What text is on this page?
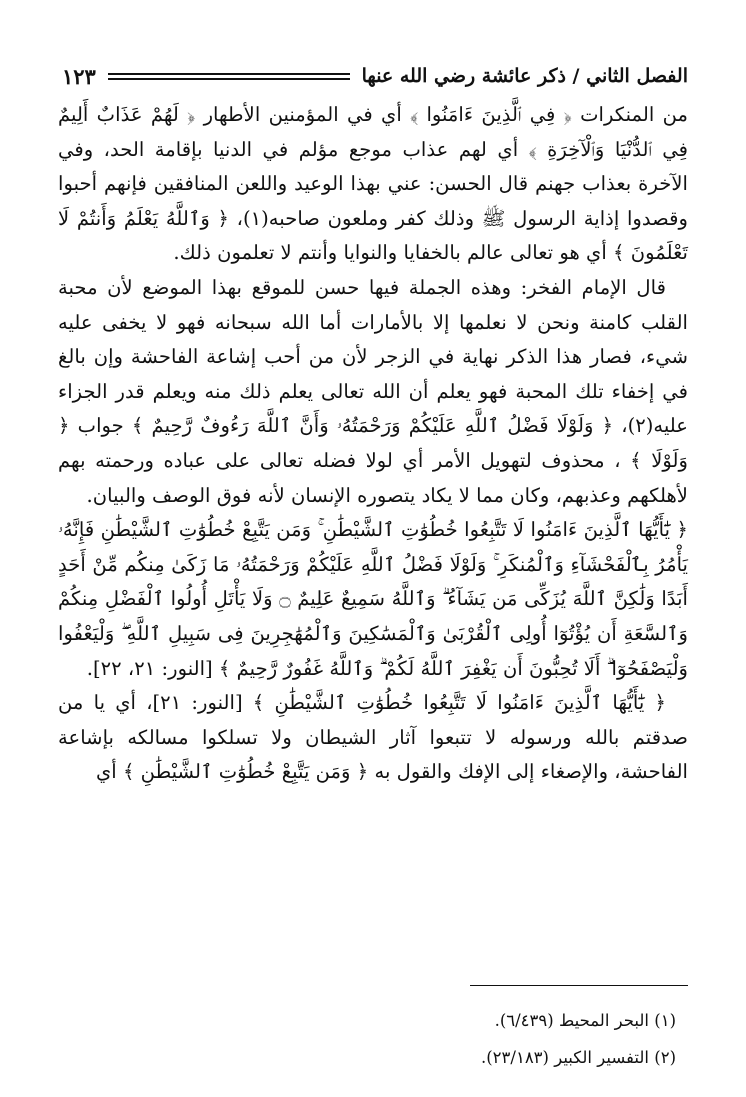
الفصل الثاني / ذكر عائشة رضي الله عنها
١٢٣

من المنكرات ﴿ فِي ٱلَّذِينَ ءَامَنُوا ﴾ أي في المؤمنين الأطهار ﴿ لَهُمْ عَذَابٌ أَلِيمٌ فِي ٱلدُّنْيَا وَٱلْآخِرَةِ ﴾ أي لهم عذاب موجع مؤلم في الدنيا بإقامة الحد، وفي الآخرة بعذاب جهنم قال الحسن: عني بهذا الوعيد واللعن المنافقين فإنهم أحبوا وقصدوا إذاية الرسول ﷺ وذلك كفر وملعون صاحبه(١)، ﴿ وَٱللَّهُ يَعْلَمُ وَأَنتُمْ لَا تَعْلَمُونَ ﴾ أي هو تعالى عالم بالخفايا والنوايا وأنتم لا تعلمون ذلك.

قال الإمام الفخر: وهذه الجملة فيها حسن للموقع بهذا الموضع لأن محبة القلب كامنة ونحن لا نعلمها إلا بالأمارات أما الله سبحانه فهو لا يخفى عليه شيء، فصار هذا الذكر نهاية في الزجر لأن من أحب إشاعة الفاحشة وإن بالغ في إخفاء تلك المحبة فهو يعلم أن الله تعالى يعلم ذلك منه ويعلم قدر الجزاء عليه(٢)، ﴿ وَلَوْلَا فَضْلُ ٱللَّهِ عَلَيْكُمْ وَرَحْمَتُهُۥ وَأَنَّ ٱللَّهَ رَءُوفٌ رَّحِيمٌ ﴾ جواب ﴿ وَلَوْلَا ﴾ ، محذوف لتهويل الأمر أي لولا فضله تعالى على عباده ورحمته بهم لأهلكهم وعذبهم، وكان مما لا يكاد يتصوره الإنسان لأنه فوق الوصف والبيان.

﴿ يَٰٓأَيُّهَا ٱلَّذِينَ ءَامَنُوا لَا تَتَّبِعُوا خُطُوَٰتِ ٱلشَّيْطَٰنِ ۚ وَمَن يَتَّبِعْ خُطُوَٰتِ ٱلشَّيْطَٰنِ فَإِنَّهُۥ يَأْمُرُ بِٱلْفَحْشَآءِ وَٱلْمُنكَرِ ۚ وَلَوْلَا فَضْلُ ٱللَّهِ عَلَيْكُمْ وَرَحْمَتُهُۥ مَا زَكَىٰ مِنكُم مِّنْ أَحَدٍ أَبَدًا وَلَٰكِنَّ ٱللَّهَ يُزَكِّى مَن يَشَآءُ ۗ وَٱللَّهُ سَمِيعٌ عَلِيمٌ ۝ وَلَا يَأْتَلِ أُولُوا ٱلْفَضْلِ مِنكُمْ وَٱلسَّعَةِ أَن يُؤْتُوٓا أُولِى ٱلْقُرْبَىٰ وَٱلْمَسَٰكِينَ وَٱلْمُهَٰجِرِينَ فِى سَبِيلِ ٱللَّهِ ۖ وَلْيَعْفُوا وَلْيَصْفَحُوٓا ۗ أَلَا تُحِبُّونَ أَن يَغْفِرَ ٱللَّهُ لَكُمْ ۗ وَٱللَّهُ غَفُورٌ رَّحِيمٌ ﴾ [النور: ٢١، ٢٢].

﴿ يَٰٓأَيُّهَا ٱلَّذِينَ ءَامَنُوا لَا تَتَّبِعُوا خُطُوَٰتِ ٱلشَّيْطَٰنِ ﴾ [النور: ٢١]، أي يا من صدقتم بالله ورسوله لا تتبعوا آثار الشيطان ولا تسلكوا مسالكه بإشاعة الفاحشة، والإصغاء إلى الإفك والقول به ﴿ وَمَن يَتَّبِعْ خُطُوَٰتِ ٱلشَّيْطَٰنِ ﴾ أي

(١) البحر المحيط (٦/٤٣٩).
(٢) التفسير الكبير (٢٣/١٨٣).
